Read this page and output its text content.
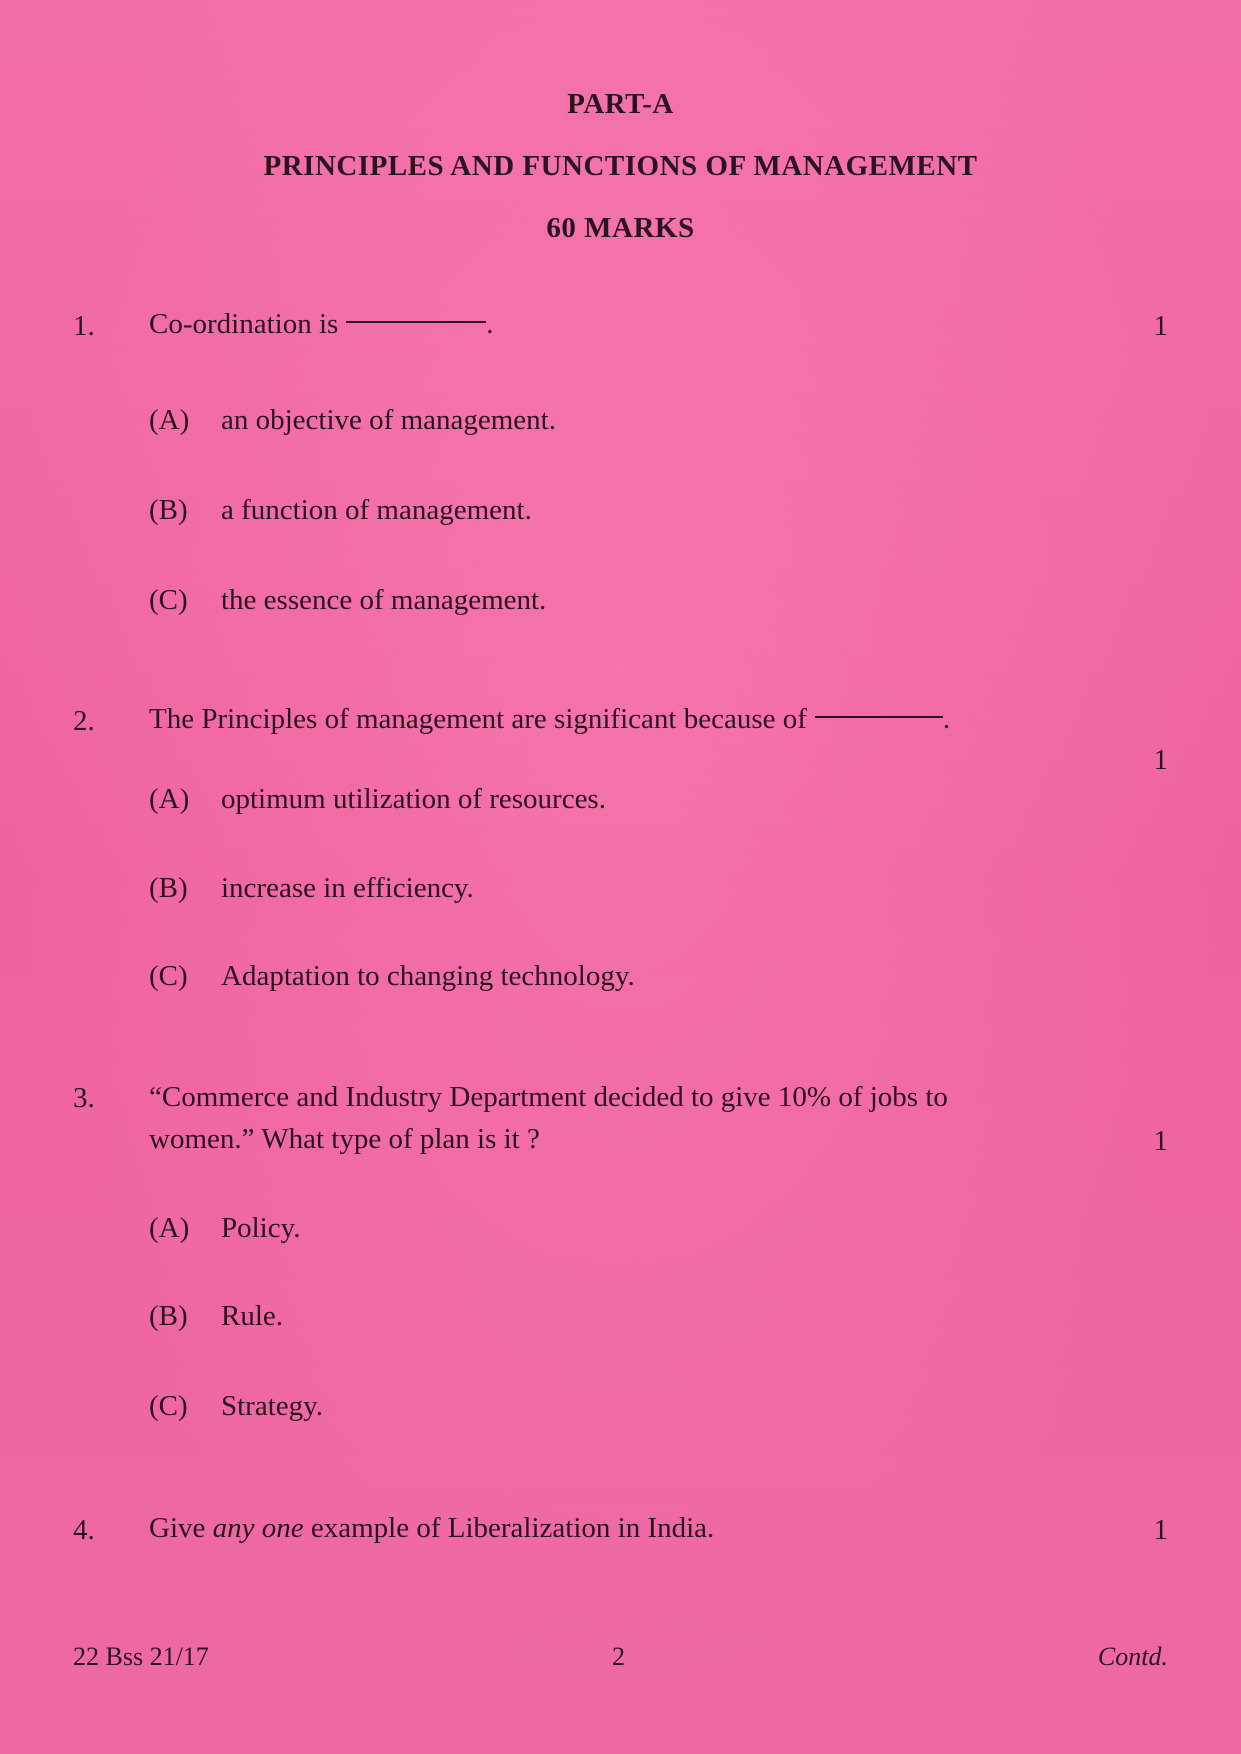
PART-A
PRINCIPLES AND FUNCTIONS OF MANAGEMENT
60 MARKS
1. Co-ordination is	.	1
(A) an objective of management.
(B) a function of management.
(C) the essence of management.
2. The Principles of management are significant because of	.
1
(A) optimum utilization of resources.
(B) increase in efficiency.
(C) Adaptation to changing technology.
3. “Commerce and Industry Department decided to give 10% of jobs to
women.” What type of plan is it ?	1
(A) Policy.
(B) Rule.
(C) Strategy.
4. Give any one example of Liberalization in India.	1
22 Bss 21/17	2	Contd.
